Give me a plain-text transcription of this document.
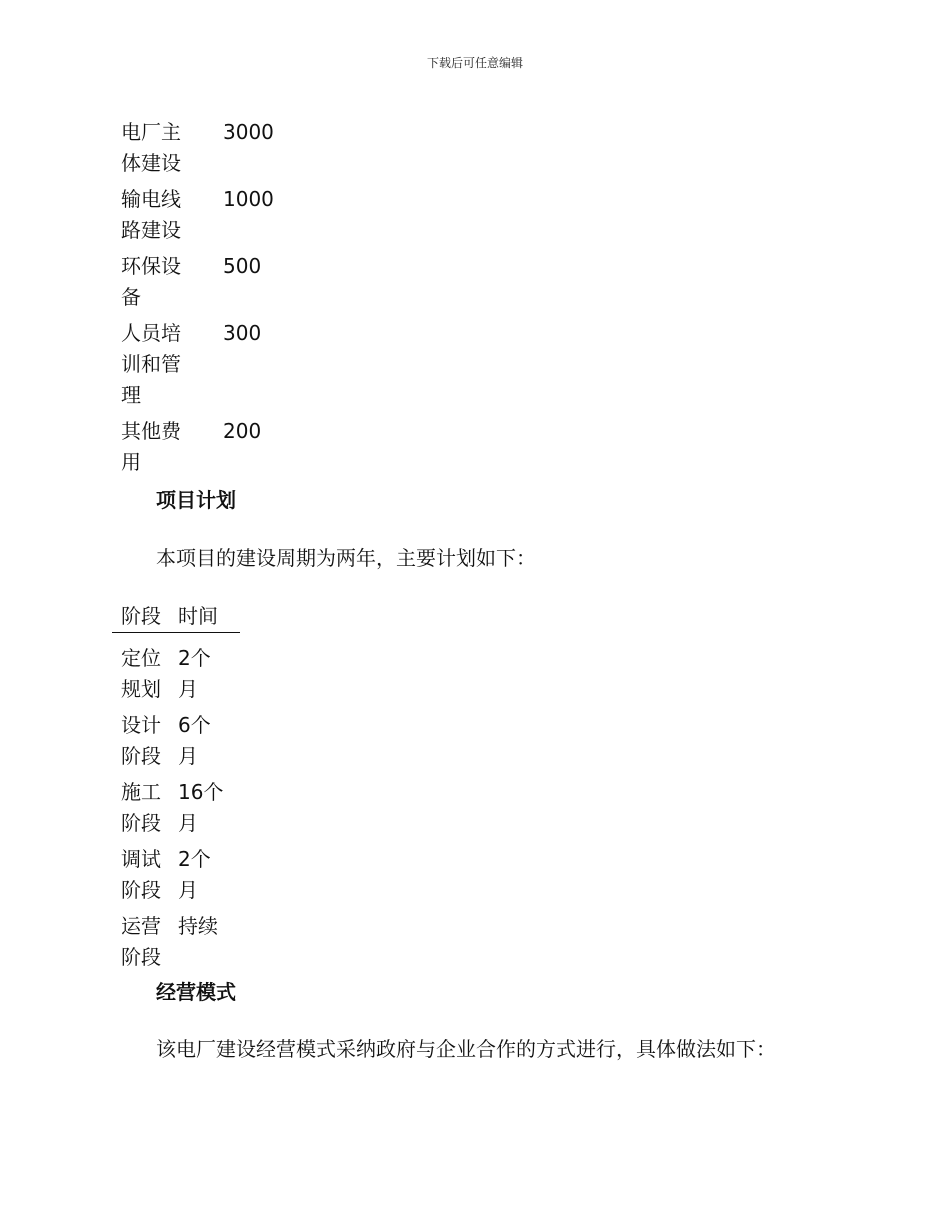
下载后可任意编辑
电厂主体建设
3000
输电线路建设
1000
环保设备
500
人员培训和管理
300
其他费用
200
项目计划
本项目的建设周期为两年，主要计划如下：
阶段 时间
定位规划
2个月
设计阶段
6个月
施工阶段
16个月
调试阶段
2个月
运营阶段
持续
经营模式
该电厂建设经营模式采纳政府与企业合作的方式进行，具体做法如下：
